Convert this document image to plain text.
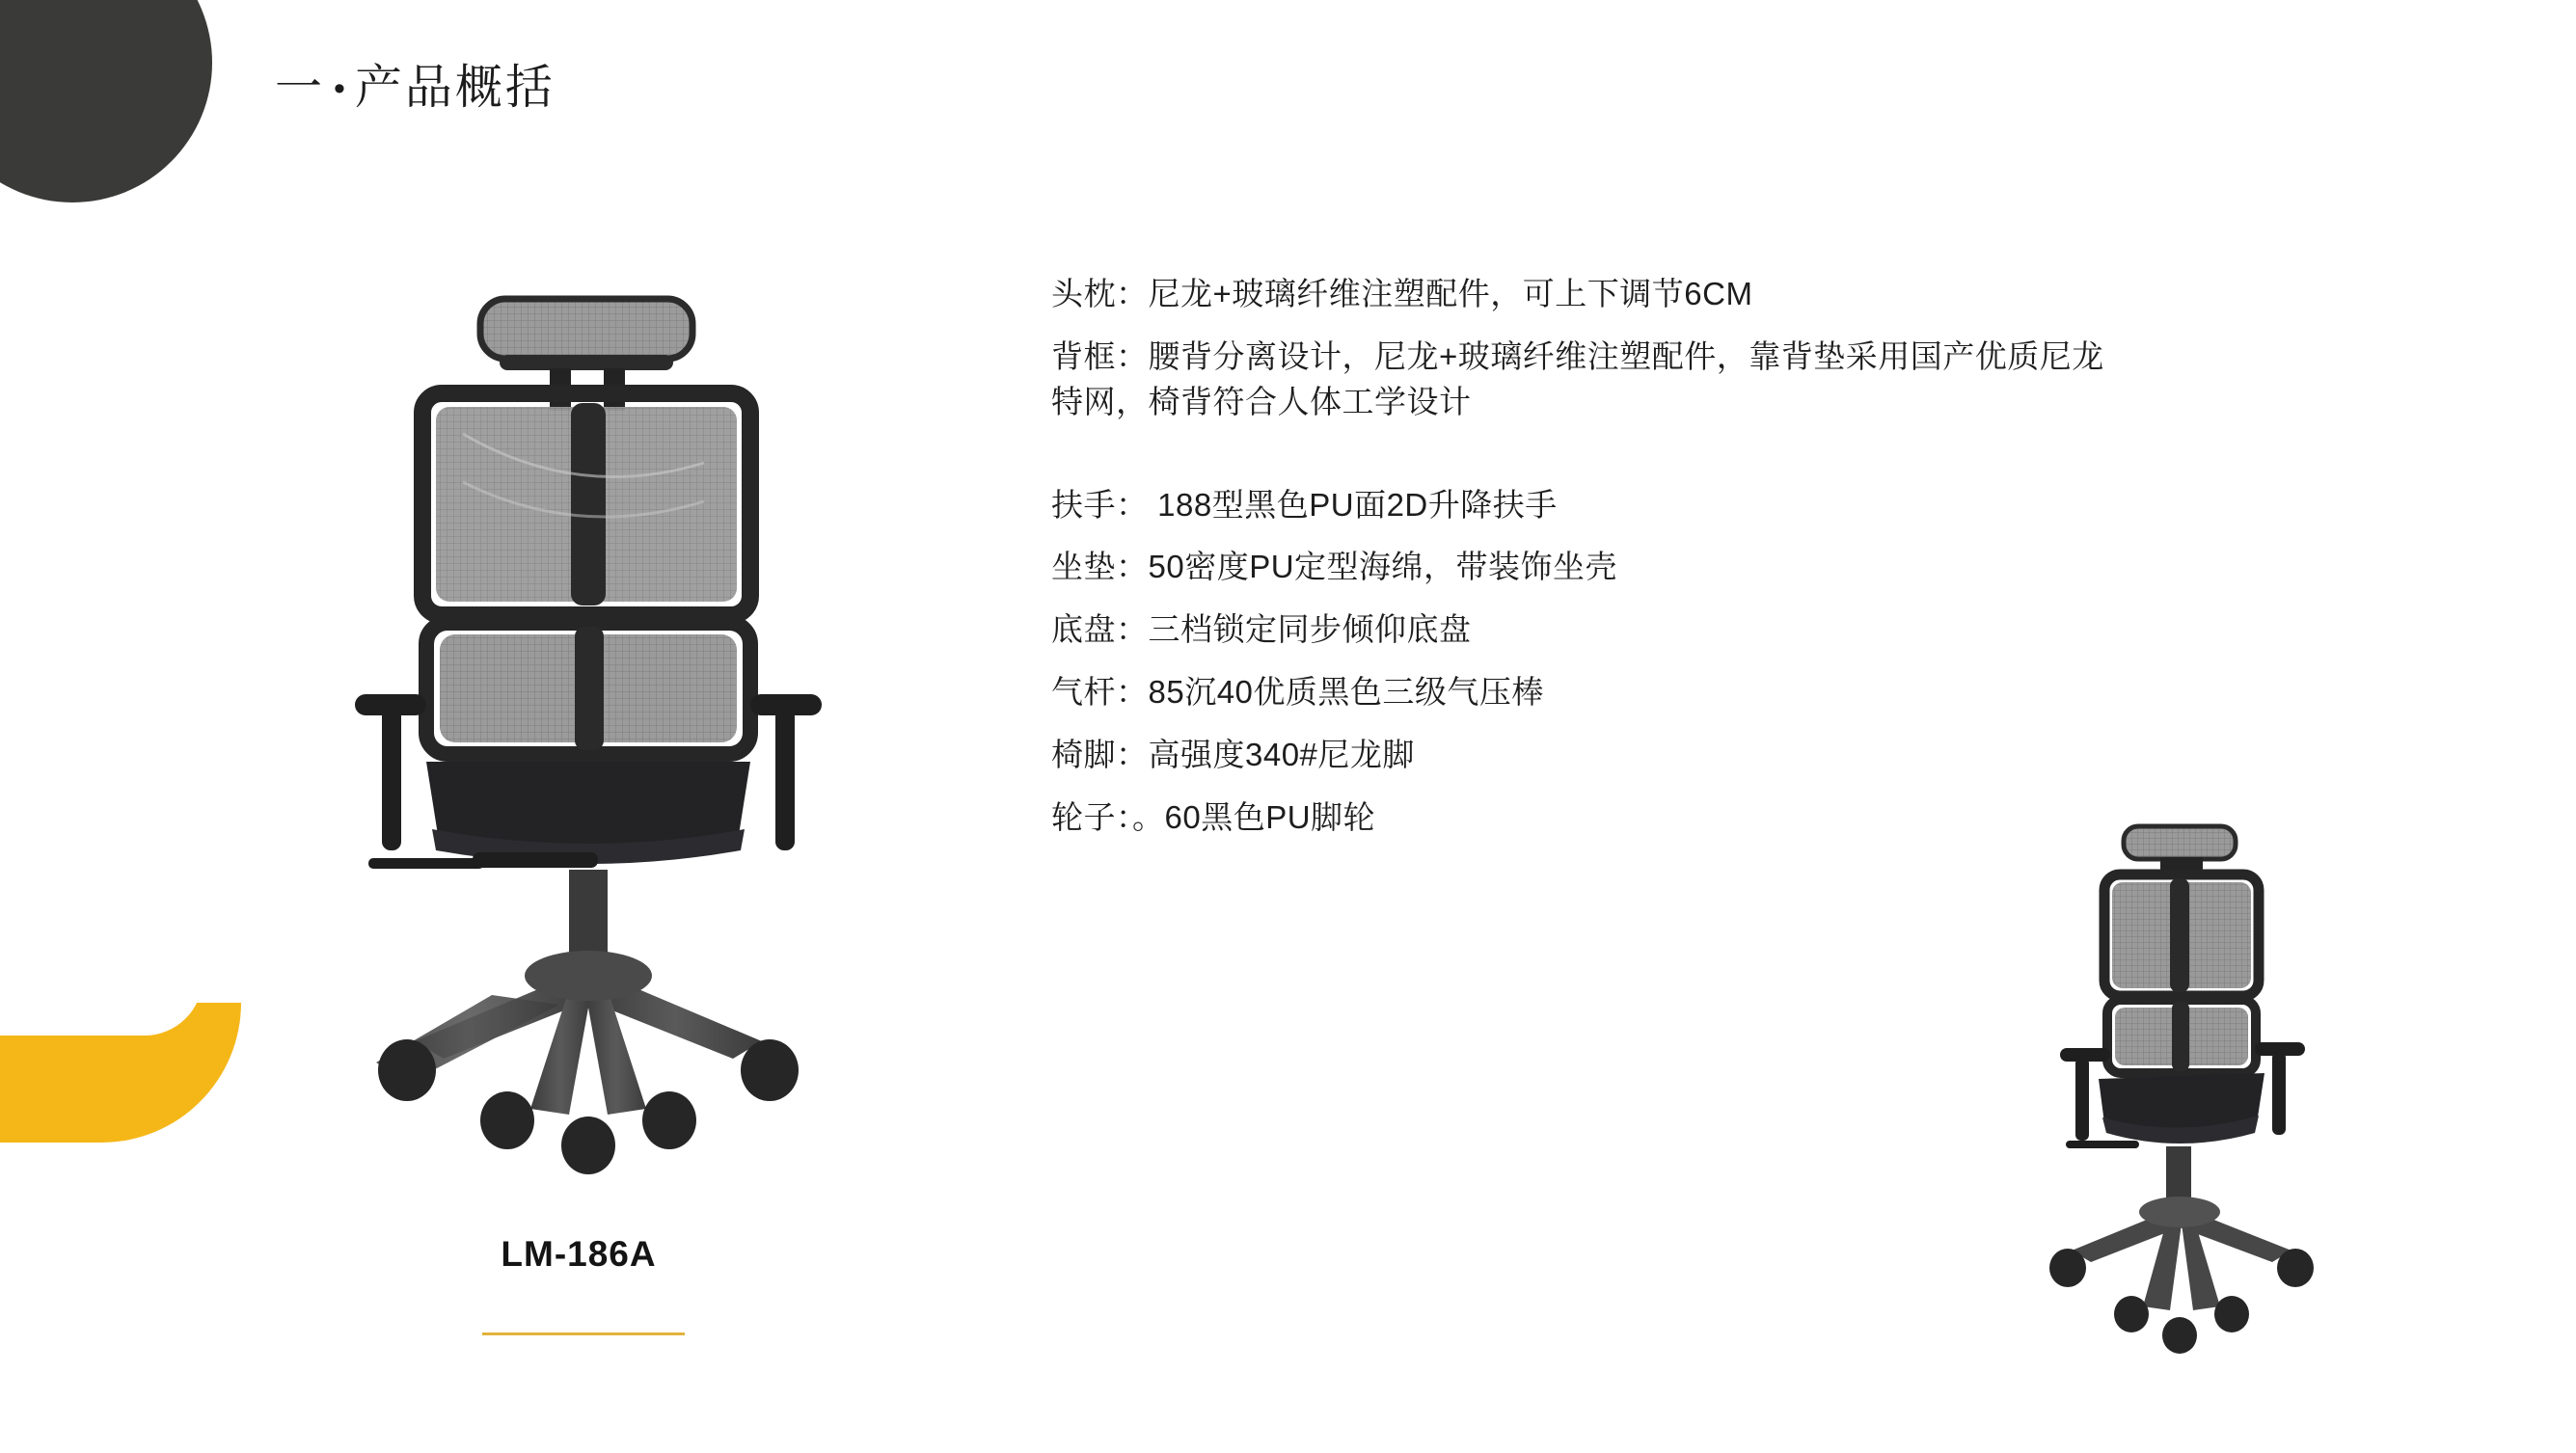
一 • 产品概括
头枕：尼龙+玻璃纤维注塑配件，可上下调节6CM
背框：腰背分离设计，尼龙+玻璃纤维注塑配件，靠背垫采用国产优质尼龙特网，椅背符合人体工学设计
扶手： 188型黑色PU面2D升降扶手
坐垫：50密度PU定型海绵，带装饰坐壳
底盘：三档锁定同步倾仰底盘
气杆：85沉40优质黑色三级气压棒
椅脚：高强度340#尼龙脚
轮子：。60黑色PU脚轮
LM-186A
